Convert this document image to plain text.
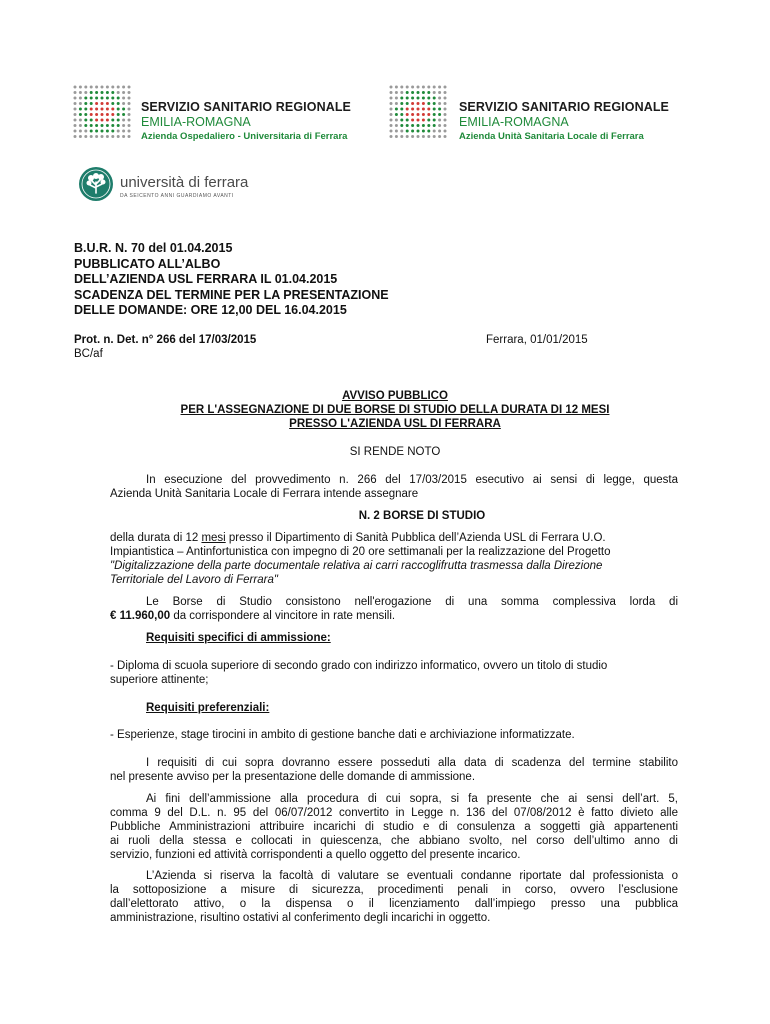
SERVIZIO SANITARIO REGIONALE
EMILIA-ROMAGNA
Azienda Ospedaliero - Universitaria di Ferrara
SERVIZIO SANITARIO REGIONALE
EMILIA-ROMAGNA
Azienda Unità Sanitaria Locale di Ferrara
università di ferrara
DA SEICENTO ANNI GUARDIAMO AVANTI
B.U.R. N. 70 del 01.04.2015
PUBBLICATO ALL’ALBO
DELL’AZIENDA USL FERRARA IL 01.04.2015
SCADENZA DEL TERMINE PER LA PRESENTAZIONE
DELLE DOMANDE: ORE 12,00 DEL 16.04.2015
Prot. n. Det. n° 266 del 17/03/2015
BC/af
Ferrara, 01/01/2015
AVVISO PUBBLICO
PER L'ASSEGNAZIONE DI DUE BORSE DI STUDIO DELLA DURATA DI 12 MESI
PRESSO L'AZIENDA USL DI FERRARA
SI RENDE NOTO
In esecuzione del provvedimento n. 266 del 17/03/2015 esecutivo ai sensi di legge, questa
Azienda Unità Sanitaria Locale di Ferrara intende assegnare
N. 2 BORSE DI STUDIO
della durata di 12 mesi presso il Dipartimento di Sanità Pubblica dell’Azienda USL di Ferrara U.O.
Impiantistica – Antinfortunistica con impegno di 20 ore settimanali per la realizzazione del Progetto
"Digitalizzazione della parte documentale relativa ai carri raccoglifrutta trasmessa dalla Direzione
Territoriale del Lavoro di Ferrara"
Le Borse di Studio consistono nell'erogazione di una somma complessiva lorda di
€ 11.960,00 da corrispondere al vincitore in rate mensili.
Requisiti specifici di ammissione:
- Diploma di scuola superiore di secondo grado con indirizzo informatico, ovvero un titolo di studio
superiore attinente;
Requisiti preferenziali:
- Esperienze, stage tirocini in ambito di gestione banche dati e archiviazione informatizzate.
I requisiti di cui sopra dovranno essere posseduti alla data di scadenza del termine stabilito
nel presente avviso per la presentazione delle domande di ammissione.
Ai fini dell’ammissione alla procedura di cui sopra, si fa presente che ai sensi dell’art. 5,
comma 9 del D.L. n. 95 del 06/07/2012 convertito in Legge n. 136 del 07/08/2012 è fatto divieto alle
Pubbliche Amministrazioni attribuire incarichi di studio e di consulenza a soggetti già appartenenti
ai ruoli della stessa e collocati in quiescenza, che abbiano svolto, nel corso dell’ultimo anno di
servizio, funzioni ed attività corrispondenti a quello oggetto del presente incarico.
L’Azienda si riserva la facoltà di valutare se eventuali condanne riportate dal professionista o
la sottoposizione a misure di sicurezza, procedimenti penali in corso, ovvero l’esclusione
dall’elettorato attivo, o la dispensa o il licenziamento dall’impiego presso una pubblica
amministrazione, risultino ostativi al conferimento degli incarichi in oggetto.
